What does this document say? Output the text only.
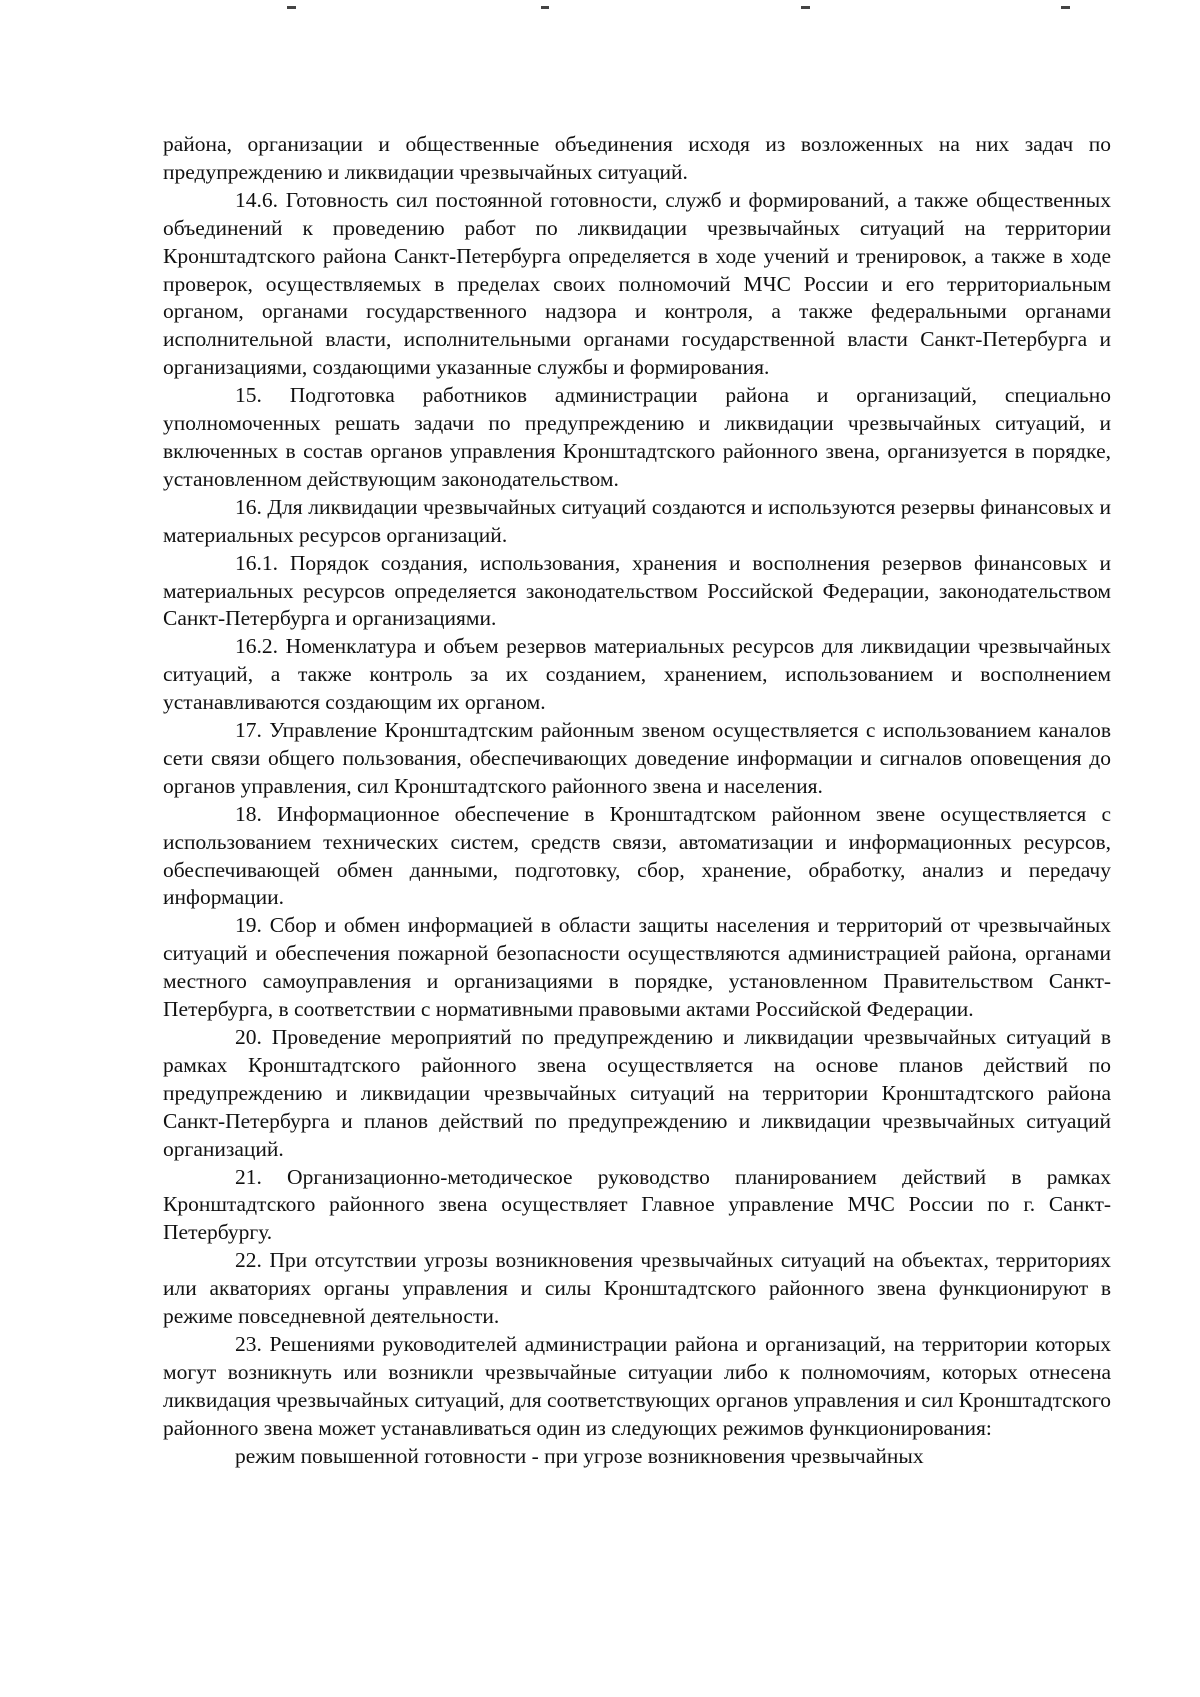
района, организации и общественные объединения исходя из возложенных на них задач по предупреждению и ликвидации чрезвычайных ситуаций.

14.6. Готовность сил постоянной готовности, служб и формирований, а также общественных объединений к проведению работ по ликвидации чрезвычайных ситуаций на территории Кронштадтского района Санкт-Петербурга определяется в ходе учений и тренировок, а также в ходе проверок, осуществляемых в пределах своих полномочий МЧС России и его территориальным органом, органами государственного надзора и контроля, а также федеральными органами исполнительной власти, исполнительными органами государственной власти Санкт-Петербурга и организациями, создающими указанные службы и формирования.

15. Подготовка работников администрации района и организаций, специально уполномоченных решать задачи по предупреждению и ликвидации чрезвычайных ситуаций, и включенных в состав органов управления Кронштадтского районного звена, организуется в порядке, установленном действующим законодательством.

16. Для ликвидации чрезвычайных ситуаций создаются и используются резервы финансовых и материальных ресурсов организаций.

16.1. Порядок создания, использования, хранения и восполнения резервов финансовых и материальных ресурсов определяется законодательством Российской Федерации, законодательством Санкт-Петербурга и организациями.

16.2. Номенклатура и объем резервов материальных ресурсов для ликвидации чрезвычайных ситуаций, а также контроль за их созданием, хранением, использованием и восполнением устанавливаются создающим их органом.

17. Управление Кронштадтским районным звеном осуществляется с использованием каналов сети связи общего пользования, обеспечивающих доведение информации и сигналов оповещения до органов управления, сил Кронштадтского районного звена и населения.

18. Информационное обеспечение в Кронштадтском районном звене осуществляется с использованием технических систем, средств связи, автоматизации и информационных ресурсов, обеспечивающей обмен данными, подготовку, сбор, хранение, обработку, анализ и передачу информации.

19. Сбор и обмен информацией в области защиты населения и территорий от чрезвычайных ситуаций и обеспечения пожарной безопасности осуществляются администрацией района, органами местного самоуправления и организациями в порядке, установленном Правительством Санкт-Петербурга, в соответствии с нормативными правовыми актами Российской Федерации.

20. Проведение мероприятий по предупреждению и ликвидации чрезвычайных ситуаций в рамках Кронштадтского районного звена осуществляется на основе планов действий по предупреждению и ликвидации чрезвычайных ситуаций на территории Кронштадтского района Санкт-Петербурга и планов действий по предупреждению и ликвидации чрезвычайных ситуаций организаций.

21. Организационно-методическое руководство планированием действий в рамках Кронштадтского районного звена осуществляет Главное управление МЧС России по г. Санкт-Петербургу.

22. При отсутствии угрозы возникновения чрезвычайных ситуаций на объектах, территориях или акваториях органы управления и силы Кронштадтского районного звена функционируют в режиме повседневной деятельности.

23. Решениями руководителей администрации района и организаций, на территории которых могут возникнуть или возникли чрезвычайные ситуации либо к полномочиям, которых отнесена ликвидация чрезвычайных ситуаций, для соответствующих органов управления и сил Кронштадтского районного звена может устанавливаться один из следующих режимов функционирования:

режим повышенной готовности - при угрозе возникновения чрезвычайных
